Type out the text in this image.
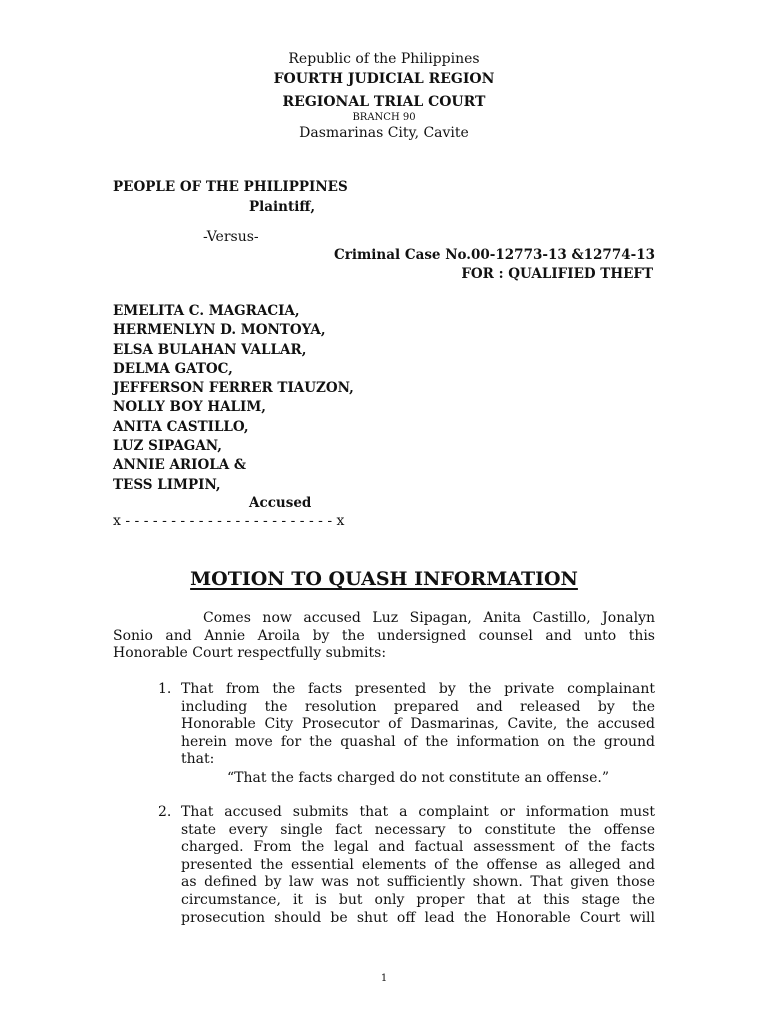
Republic of the Philippines
FOURTH JUDICIAL REGION
REGIONAL TRIAL COURT
BRANCH 90
Dasmarinas City, Cavite
PEOPLE OF THE PHILIPPINES
Plaintiff,
-Versus-
Criminal Case No.00-12773-13 &12774-13
FOR : QUALIFIED THEFT
EMELITA C. MAGRACIA,
HERMENLYN D. MONTOYA,
ELSA BULAHAN VALLAR,
DELMA GATOC,
JEFFERSON FERRER TIAUZON,
NOLLY BOY HALIM,
ANITA CASTILLO,
LUZ SIPAGAN,
ANNIE ARIOLA &
TESS LIMPIN,
Accused
x - - - - - - - - - - - - - - - - - - - - - - - x
MOTION TO QUASH INFORMATION
Comes now accused Luz Sipagan, Anita Castillo, Jonalyn
Sonio and Annie Aroila by the undersigned counsel and unto this
Honorable Court respectfully submits:
1. That from the facts presented by the private complainant
including the resolution prepared and released by the
Honorable City Prosecutor of Dasmarinas, Cavite, the accused
herein move for the quashal of the information on the ground
that:
“That the facts charged do not constitute an offense.”
2. That accused submits that a complaint or information must
state every single fact necessary to constitute the offense
charged. From the legal and factual assessment of the facts
presented the essential elements of the offense as alleged and
as defined by law was not sufficiently shown. That given those
circumstance, it is but only proper that at this stage the
prosecution should be shut off lead the Honorable Court will
1
